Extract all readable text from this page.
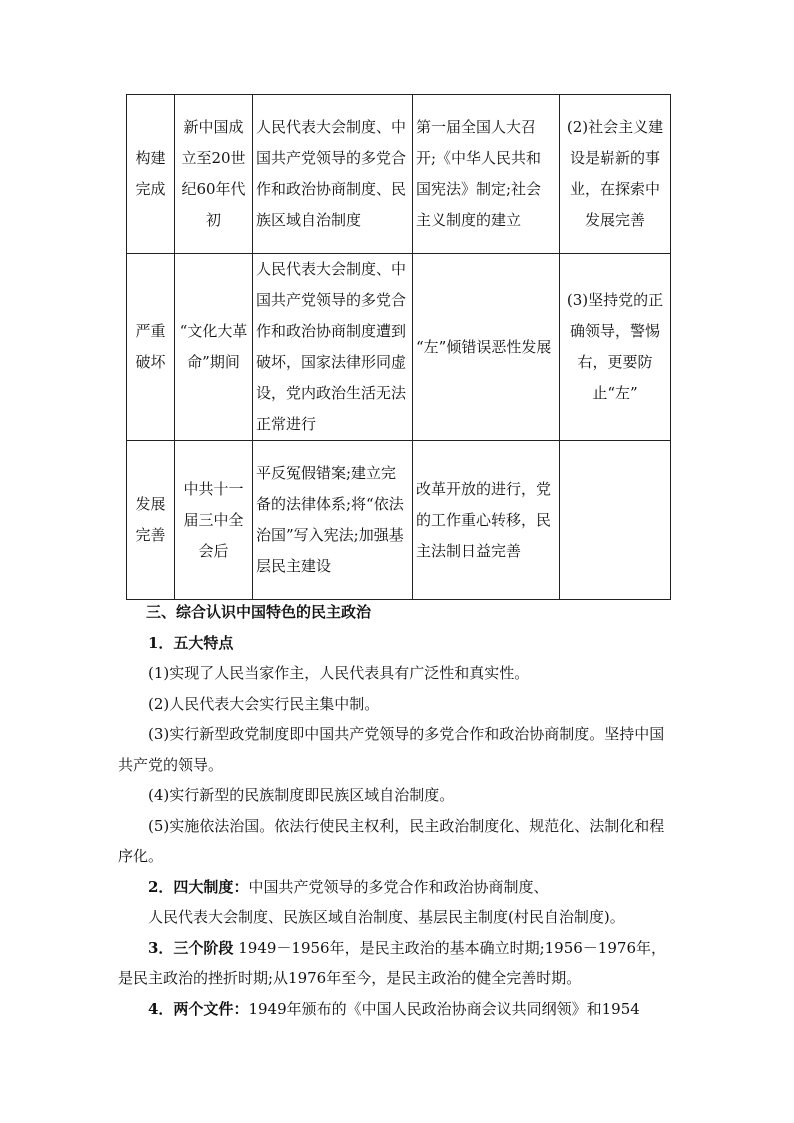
构建完成	新中国成立至20世纪60年代初	人民代表大会制度、中国共产党领导的多党合作和政治协商制度、民族区域自治制度	第一届全国人大召开;《中华人民共和国宪法》制定;社会主义制度的建立	(2)社会主义建设是崭新的事业，在探索中发展完善
严重破坏	“文化大革命”期间	人民代表大会制度、中国共产党领导的多党合作和政治协商制度遭到破坏，国家法律形同虚设，党内政治生活无法正常进行	“左”倾错误恶性发展	(3)坚持党的正确领导，警惕右，更要防止“左”
发展完善	中共十一届三中全会后	平反冤假错案;建立完备的法律体系;将“依法治国”写入宪法;加强基层民主建设	改革开放的进行，党的工作重心转移，民主法制日益完善	

三、综合认识中国特色的民主政治

1．五大特点

(1)实现了人民当家作主，人民代表具有广泛性和真实性。

(2)人民代表大会实行民主集中制。

(3)实行新型政党制度即中国共产党领导的多党合作和政治协商制度。坚持中国共产党的领导。

(4)实行新型的民族制度即民族区域自治制度。

(5)实施依法治国。依法行使民主权利，民主政治制度化、规范化、法制化和程序化。

2．四大制度：中国共产党领导的多党合作和政治协商制度、

人民代表大会制度、民族区域自治制度、基层民主制度(村民自治制度)。

3．三个阶段 1949－1956年，是民主政治的基本确立时期;1956－1976年，是民主政治的挫折时期;从1976年至今，是民主政治的健全完善时期。

4．两个文件：1949年颁布的《中国人民政治协商会议共同纲领》和1954
